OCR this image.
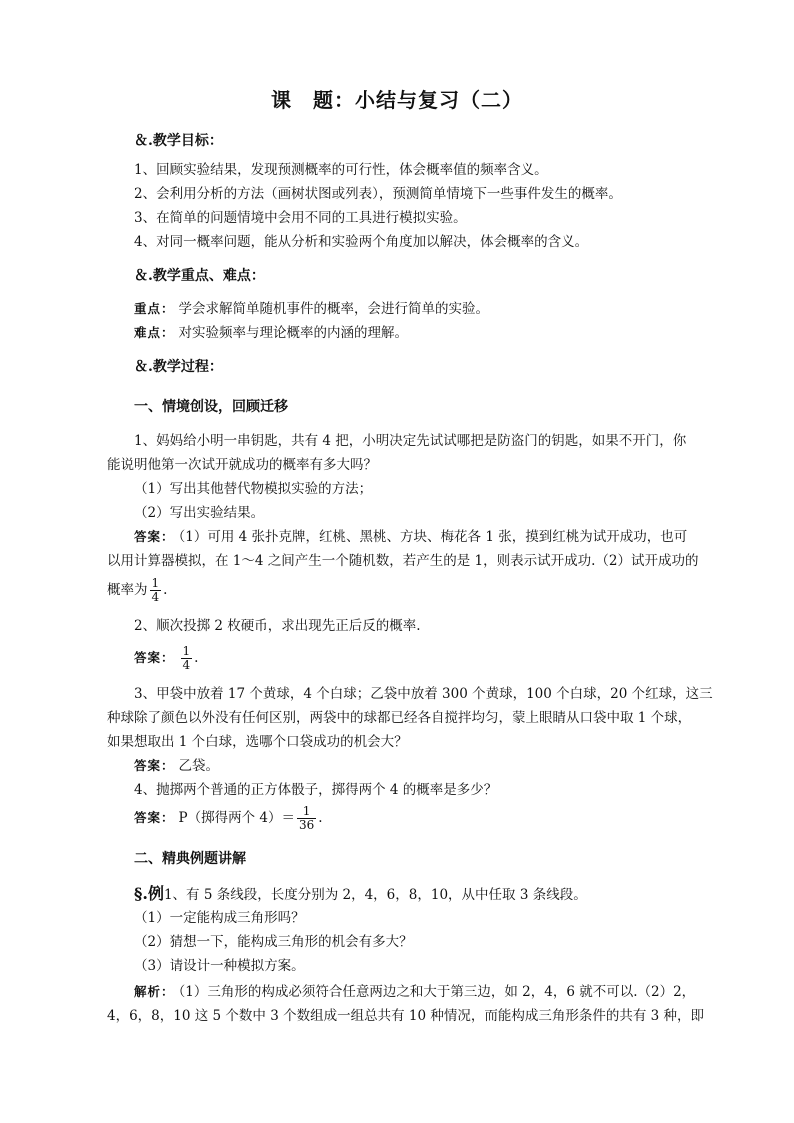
课　题：小结与复习（二）
＆.教学目标：
1、回顾实验结果，发现预测概率的可行性，体会概率值的频率含义。
2、会利用分析的方法（画树状图或列表），预测简单情境下一些事件发生的概率。
3、在简单的问题情境中会用不同的工具进行模拟实验。
4、对同一概率问题，能从分析和实验两个角度加以解决，体会概率的含义。
＆.教学重点、难点：
重点： 学会求解简单随机事件的概率，会进行简单的实验。
难点： 对实验频率与理论概率的内涵的理解。
＆.教学过程：
一、情境创设，回顾迁移
1、妈妈给小明一串钥匙，共有 4 把，小明决定先试试哪把是防盗门的钥匙，如果不开门，你
能说明他第一次试开就成功的概率有多大吗？
（1）写出其他替代物模拟实验的方法；
（2）写出实验结果。
答案： （1）可用 4 张扑克牌，红桃、黑桃、方块、梅花各 1 张，摸到红桃为试开成功，也可
以用计算器模拟，在 1～4 之间产生一个随机数，若产生的是 1，则表示试开成功.（2）试开成功的
概率为 $\frac{1}{4}$ .
2、顺次投掷 2 枚硬币，求出现先正后反的概率.
答案： $\frac{1}{4}$ .
3、甲袋中放着 17 个黄球，4 个白球；乙袋中放着 300 个黄球，100 个白球，20 个红球，这三
种球除了颜色以外没有任何区别，两袋中的球都已经各自搅拌均匀，蒙上眼睛从口袋中取 1 个球，
如果想取出 1 个白球，选哪个口袋成功的机会大？
答案： 乙袋。
4、抛掷两个普通的正方体骰子，掷得两个 4 的概率是多少？
答案： P（掷得两个 $4)= \frac{1}{36}$ .
二、精典例题讲解
§.例1、有 5 条线段，长度分别为 2，4，6，8，10，从中任取 3 条线段。
（1）一定能构成三角形吗？
（2）猜想一下，能构成三角形的机会有多大？
（3）请设计一种模拟方案。
解析： （1）三角形的构成必须符合任意两边之和大于第三边，如 2，4，6 就不可以.（2）2，
4，6，8，10 这 5 个数中 3 个数组成一组总共有 10 种情况，而能构成三角形条件的共有 3 种，即
